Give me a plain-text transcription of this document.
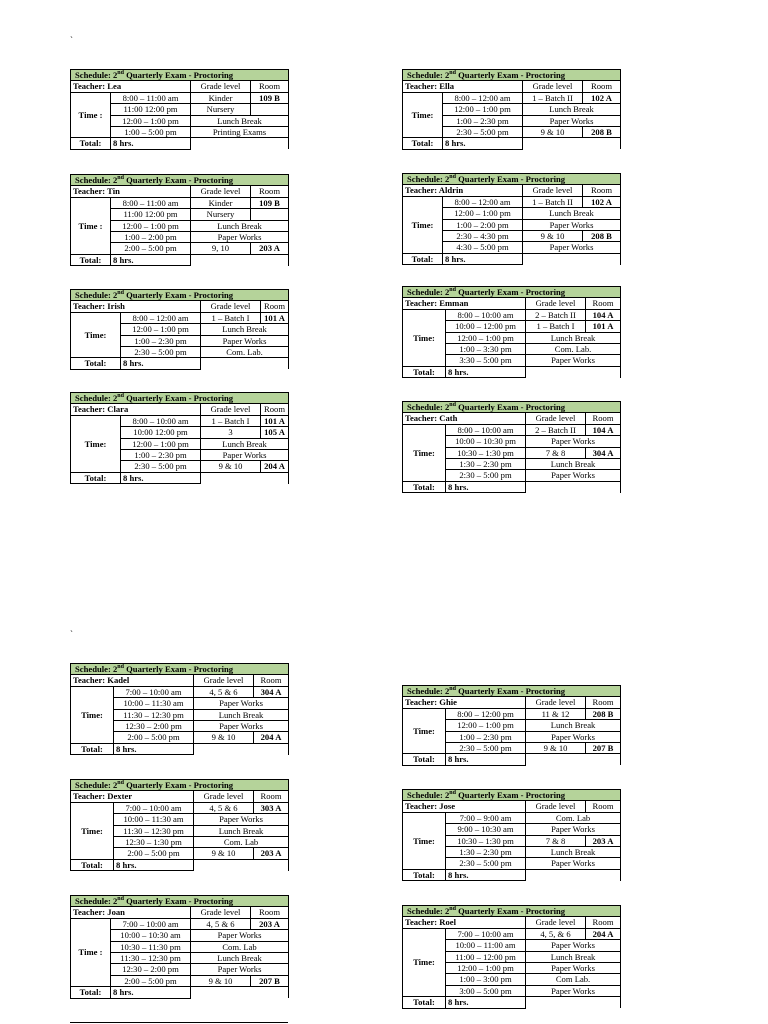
`
`
Schedule: 2nd Quarterly Exam - Proctoring			
Teacher: Lea		Grade level	Room
Time :	8:00 – 11:00 am	Kinder	109 B
	11:00 12:00 pm	Nursery	
	12:00 – 1:00 pm	Lunch Break	
	1:00 – 5:00 pm	Printing Exams	
Total:	8 hrs.		
Schedule: 2nd Quarterly Exam - Proctoring			
Teacher: Tin		Grade level	Room
Time :	8:00 – 11:00 am	Kinder	109 B
	11:00 12:00 pm	Nursery	
	12:00 – 1:00 pm	Lunch Break	
	1:00 – 2:00 pm	Paper Works	
	2:00 – 5:00 pm	9, 10	203 A
Total:	8 hrs.		
Schedule: 2nd Quarterly Exam - Proctoring			
Teacher: Irish		Grade level	Room
Time:	8:00 – 12:00 am	1 – Batch I	101 A
	12:00 – 1:00 pm	Lunch Break	
	1:00 – 2:30 pm	Paper Works	
	2:30 – 5:00 pm	Com. Lab.	
Total:	8 hrs.		
Schedule: 2nd Quarterly Exam - Proctoring			
Teacher: Clara		Grade level	Room
Time:	8:00 – 10:00 am	1 – Batch I	101 A
	10:00 12:00 pm	3	105 A
	12:00 – 1:00 pm	Lunch Break	
	1:00 – 2:30 pm	Paper Works	
	2:30 – 5:00 pm	9 & 10	204 A
Total:	8 hrs.		
Schedule: 2nd Quarterly Exam - Proctoring			
Teacher: Ella		Grade level	Room
Time:	8:00 – 12:00 am	1 – Batch II	102 A
	12:00 – 1:00 pm	Lunch Break	
	1:00 – 2:30 pm	Paper Works	
	2:30 – 5:00 pm	9 & 10	208 B
Total:	8 hrs.		
Schedule: 2nd Quarterly Exam - Proctoring			
Teacher: Aldrin		Grade level	Room
Time:	8:00 – 12:00 am	1 – Batch II	102 A
	12:00 – 1:00 pm	Lunch Break	
	1:00 – 2:00 pm	Paper Works	
	2:30 – 4:30 pm	9 & 10	208 B
	4:30 – 5:00 pm	Paper Works	
Total:	8 hrs.		
Schedule: 2nd Quarterly Exam - Proctoring			
Teacher: Emman		Grade level	Room
Time:	8:00 – 10:00 am	2 – Batch II	104 A
	10:00 – 12:00 pm	1 – Batch I	101 A
	12:00 – 1:00 pm	Lunch Break	
	1:00 – 3:30 pm	Com. Lab.	
	3:30 – 5:00 pm	Paper Works	
Total:	8 hrs.		
Schedule: 2nd Quarterly Exam - Proctoring			
Teacher: Cath		Grade level	Room
Time:	8:00 – 10:00 am	2 – Batch II	104 A
	10:00 – 10:30 pm	Paper Works	
	10:30 – 1:30 pm	7 & 8	304 A
	1:30 – 2:30 pm	Lunch Break	
	2:30 – 5:00 pm	Paper Works	
Total:	8 hrs.		
Schedule: 2nd Quarterly Exam - Proctoring			
Teacher: Kadel		Grade level	Room
Time:	7:00 – 10:00 am	4, 5 & 6	304 A
	10:00 – 11:30 am	Paper Works	
	11:30 – 12:30 pm	Lunch Break	
	12:30 – 2:00 pm	Paper Works	
	2:00 – 5:00 pm	9 & 10	204 A
Total:	8 hrs.		
Schedule: 2nd Quarterly Exam - Proctoring			
Teacher: Dexter		Grade level	Room
Time:	7:00 – 10:00 am	4, 5 & 6	303 A
	10:00 – 11:30 am	Paper Works	
	11:30 – 12:30 pm	Lunch Break	
	12:30 – 1:30 pm	Com. Lab	
	2:00 – 5:00 pm	9 & 10	203 A
Total:	8 hrs.		
Schedule: 2nd Quarterly Exam - Proctoring			
Teacher: Joan		Grade level	Room
Time :	7:00 – 10:00 am	4, 5 & 6	203 A
	10:00 – 10:30 am	Paper Works	
	10:30 – 11:30 pm	Com. Lab	
	11:30 – 12:30 pm	Lunch Break	
	12:30 – 2:00 pm	Paper Works	
	2:00 – 5:00 pm	9 & 10	207 B
Total:	8 hrs.		
Schedule: 2nd Quarterly Exam - Proctoring			
Teacher: Ghie		Grade level	Room
Time:	8:00 – 12:00 pm	11 & 12	208 B
	12:00 – 1:00 pm	Lunch Break	
	1:00 – 2:30 pm	Paper Works	
	2:30 – 5:00 pm	9 & 10	207 B
Total:	8 hrs.		
Schedule: 2nd Quarterly Exam - Proctoring			
Teacher: Jose		Grade level	Room
Time:	7:00 – 9:00 am	Com. Lab	
	9:00 – 10:30 am	Paper Works	
	10:30 – 1:30 pm	7 & 8	203 A
	1:30 – 2:30 pm	Lunch Break	
	2:30 – 5:00 pm	Paper Works	
Total:	8 hrs.		
Schedule: 2nd Quarterly Exam - Proctoring			
Teacher: Roel		Grade level	Room
Time:	7:00 – 10:00 am	4, 5, & 6	204 A
	10:00 – 11:00 am	Paper Works	
	11:00 – 12:00 pm	Lunch Break	
	12:00 – 1:00 pm	Paper Works	
	1:00 – 3:00 pm	Com Lab.	
	3:00 – 5:00 pm	Paper Works	
Total:	8 hrs.		
